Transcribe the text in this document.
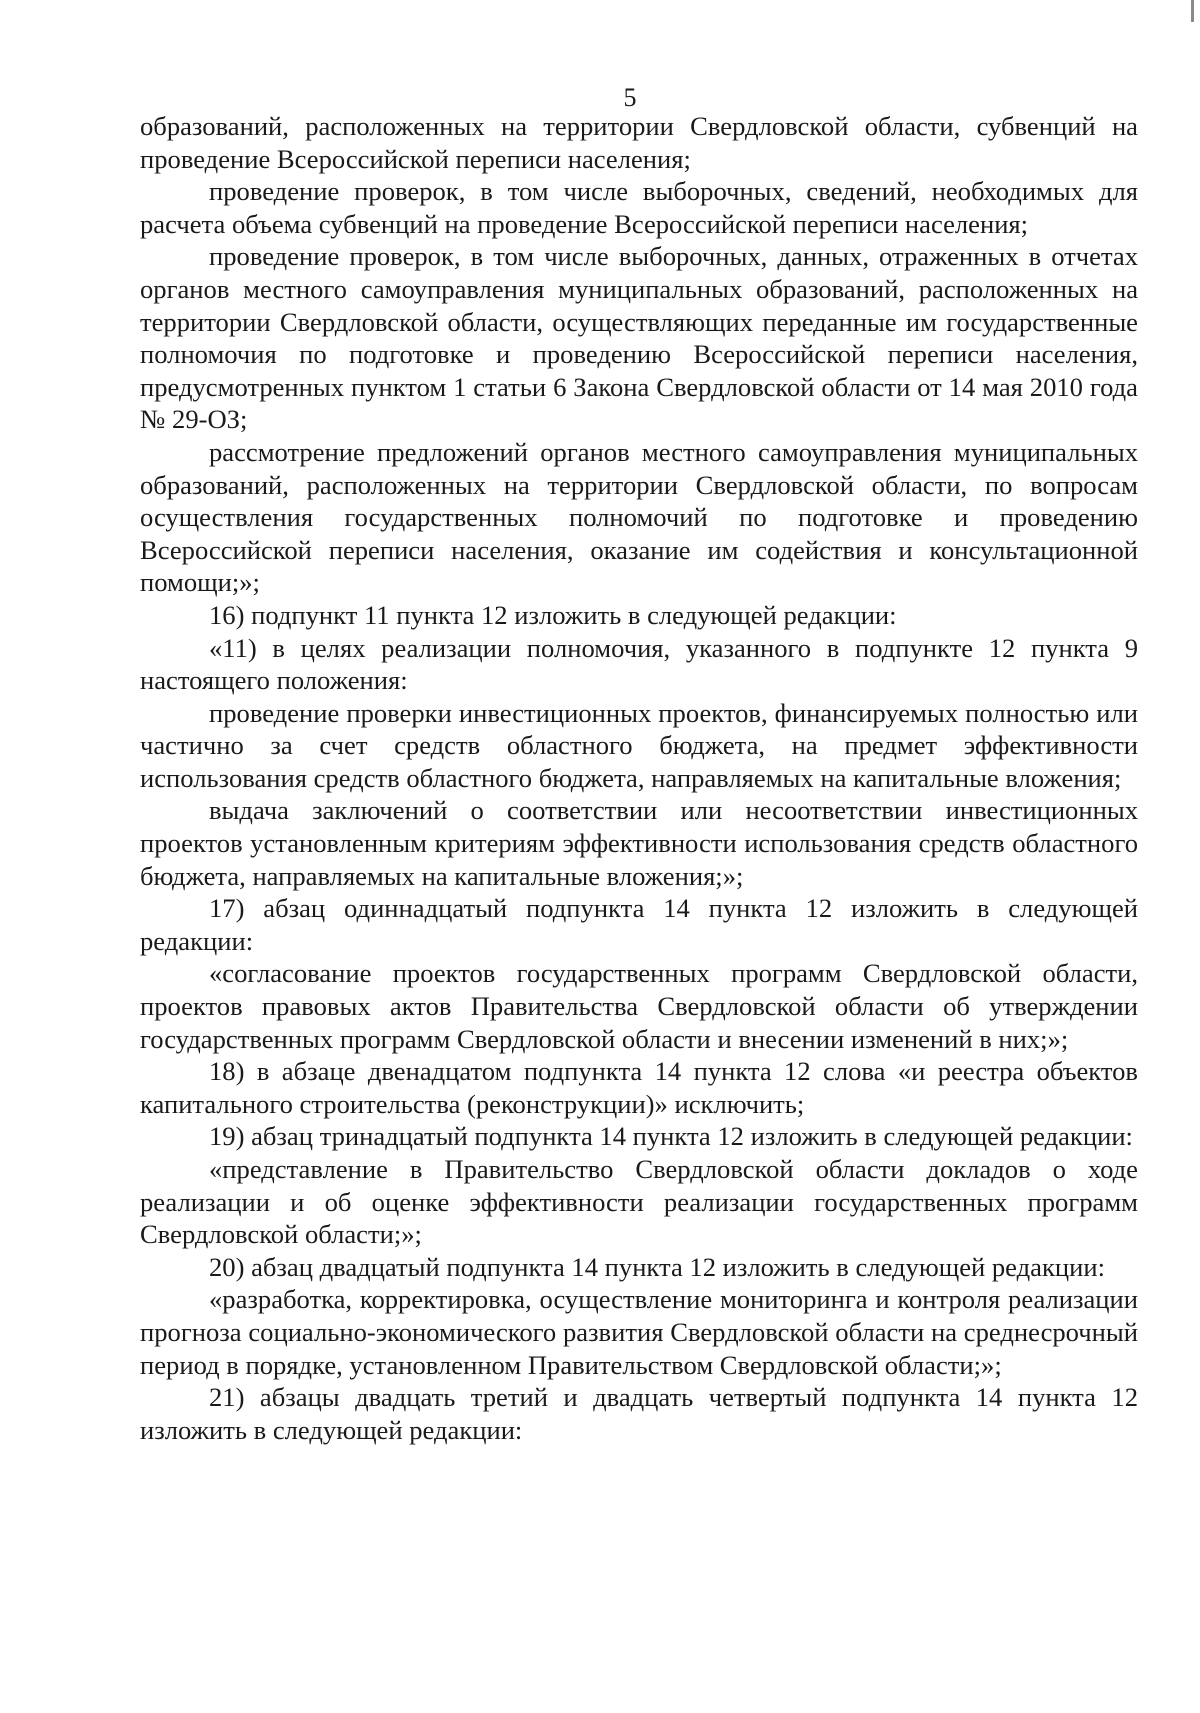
5

образований, расположенных на территории Свердловской области, субвенций на проведение Всероссийской переписи населения;

проведение проверок, в том числе выборочных, сведений, необходимых для расчета объема субвенций на проведение Всероссийской переписи населения;

проведение проверок, в том числе выборочных, данных, отраженных в отчетах органов местного самоуправления муниципальных образований, расположенных на территории Свердловской области, осуществляющих переданные им государственные полномочия по подготовке и проведению Всероссийской переписи населения, предусмотренных пунктом 1 статьи 6 Закона Свердловской области от 14 мая 2010 года № 29-ОЗ;

рассмотрение предложений органов местного самоуправления муниципальных образований, расположенных на территории Свердловской области, по вопросам осуществления государственных полномочий по подготовке и проведению Всероссийской переписи населения, оказание им содействия и консультационной помощи;»;

16) подпункт 11 пункта 12 изложить в следующей редакции:

«11) в целях реализации полномочия, указанного в подпункте 12 пункта 9 настоящего положения:

проведение проверки инвестиционных проектов, финансируемых полностью или частично за счет средств областного бюджета, на предмет эффективности использования средств областного бюджета, направляемых на капитальные вложения;

выдача заключений о соответствии или несоответствии инвестиционных проектов установленным критериям эффективности использования средств областного бюджета, направляемых на капитальные вложения;»;

17) абзац одиннадцатый подпункта 14 пункта 12 изложить в следующей редакции:

«согласование проектов государственных программ Свердловской области, проектов правовых актов Правительства Свердловской области об утверждении государственных программ Свердловской области и внесении изменений в них;»;

18) в абзаце двенадцатом подпункта 14 пункта 12 слова «и реестра объектов капитального строительства (реконструкции)» исключить;

19) абзац тринадцатый подпункта 14 пункта 12 изложить в следующей редакции:

«представление в Правительство Свердловской области докладов о ходе реализации и об оценке эффективности реализации государственных программ Свердловской области;»;

20) абзац двадцатый подпункта 14 пункта 12 изложить в следующей редакции:

«разработка, корректировка, осуществление мониторинга и контроля реализации прогноза социально-экономического развития Свердловской области на среднесрочный период в порядке, установленном Правительством Свердловской области;»;

21) абзацы двадцать третий и двадцать четвертый подпункта 14 пункта 12 изложить в следующей редакции:
